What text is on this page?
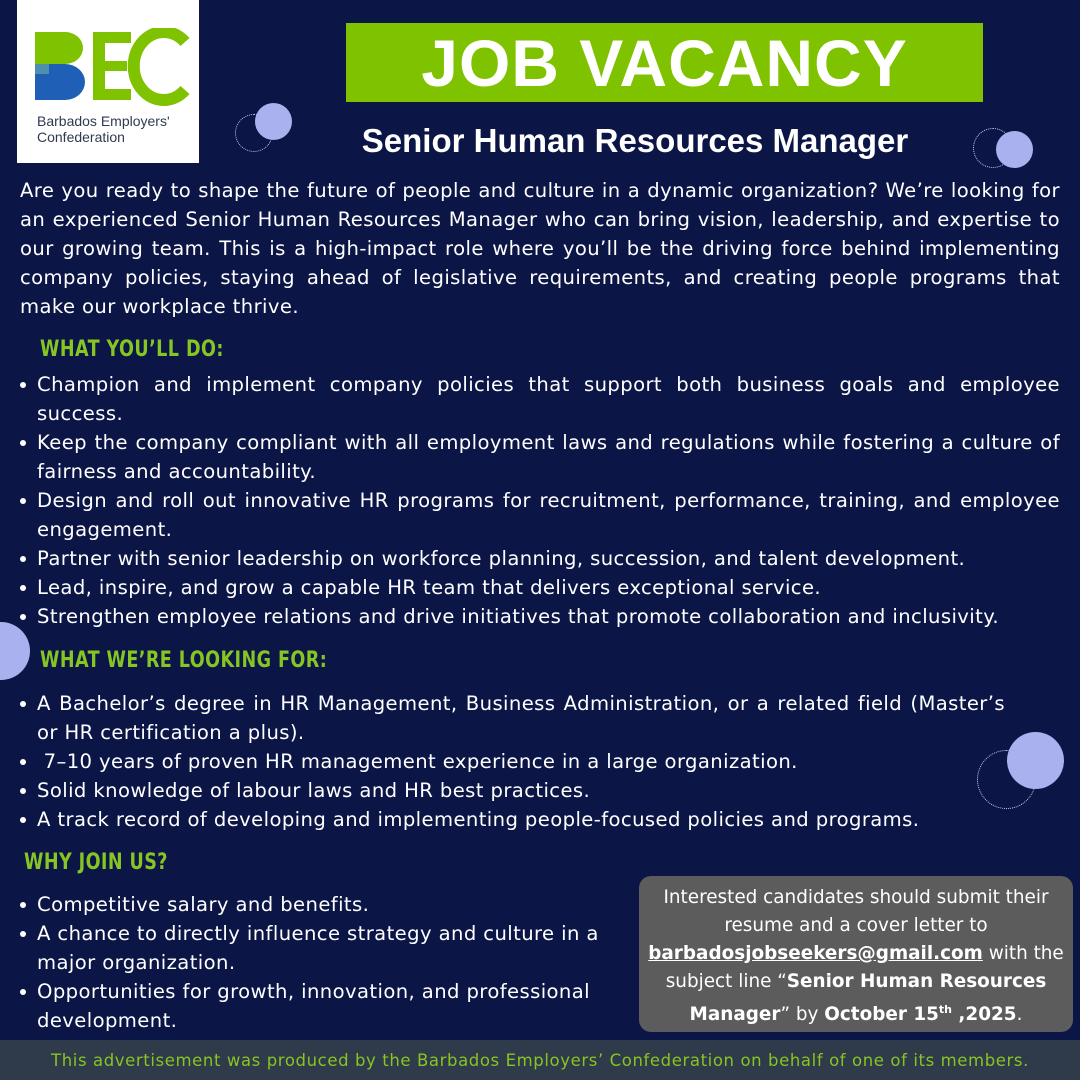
Barbados Employers'
Confederation
JOB VACANCY
Senior Human Resources Manager
Are you ready to shape the future of people and culture in a dynamic organization? We’re looking for an experienced Senior Human Resources Manager who can bring vision, leadership, and expertise to our growing team. This is a high-impact role where you’ll be the driving force behind implementing company policies, staying ahead of legislative requirements, and creating people programs that make our workplace thrive.
WHAT YOU’LL DO:
Champion and implement company policies that support both business goals and employee success.
Keep the company compliant with all employment laws and regulations while fostering a culture of fairness and accountability.
Design and roll out innovative HR programs for recruitment, performance, training, and employee engagement.
Partner with senior leadership on workforce planning, succession, and talent development.
Lead, inspire, and grow a capable HR team that delivers exceptional service.
Strengthen employee relations and drive initiatives that promote collaboration and inclusivity.
WHAT WE’RE LOOKING FOR:
A Bachelor’s degree in HR Management, Business Administration, or a related field (Master’s or HR certification a plus).
7–10 years of proven HR management experience in a large organization.
Solid knowledge of labour laws and HR best practices.
A track record of developing and implementing people-focused policies and programs.
WHY JOIN US?
Competitive salary and benefits.
A chance to directly influence strategy and culture in a major organization.
Opportunities for growth, innovation, and professional development.
Interested candidates should submit their resume and a cover letter to
barbadosjobseekers@gmail.com with the subject line “Senior Human Resources Manager” by October 15th ,2025.
This advertisement was produced by the Barbados Employers’ Confederation on behalf of one of its members.
